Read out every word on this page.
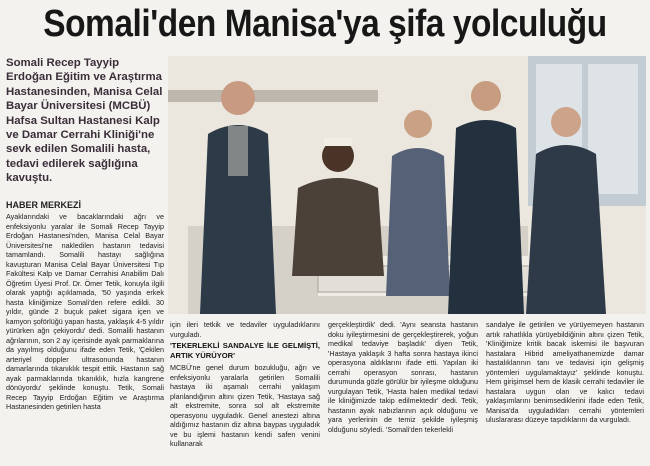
Somali'den Manisa'ya şifa yolculuğu
Somali Recep Tayyip Erdoğan Eğitim ve Araştırma Hastanesinden, Manisa Celal Bayar Üniversitesi (MCBÜ) Hafsa Sultan Hastanesi Kalp ve Damar Cerrahi Kliniği'ne sevk edilen Somalili hasta, tedavi edilerek sağlığına kavuştu.
HABER MERKEZİ

Ayaklarındaki ve bacaklarındaki ağrı ve enfeksiyonlu yaralar ile Somali Recep Tayyip Erdoğan Hastanesi'nden, Manisa Celal Bayar Üniversitesi'ne nakledilen hastanın tedavisi tamamlandı. Somalili hastayı sağlığına kavuşturan Manisa Celal Bayar Üniversitesi Tıp Fakültesi Kalp ve Damar Cerrahisi Anabilim Dalı Öğretim Üyesi Prof. Dr. Ömer Tetik, konuyla ilgili olarak yaptığı açıklamada, '50 yaşında erkek hasta kliniğimize Somali'den refere edildi. 30 yıldır, günde 2 buçuk paket sigara içen ve kamyon şoförlüğü yapan hasta, yaklaşık 4-5 yıldır yürürken ağrı çekiyordu' dedi. Somalili hastanın ağrılarının, son 2 ay içerisinde ayak parmaklarına da yayılmış olduğunu ifade eden Tetik, 'Çekilen arteriyel doppler ultrasonunda hastanın damarlarında tıkanıklık tespit ettik. Hastanın sağ ayak parmaklarında tıkanıklık, hızla kangrene dönüyordu' şeklinde konuştu. Tetik, Somali Recep Tayyip Erdoğan Eğitim ve Araştırma Hastanesinden getirilen hasta

için ileri tetkik ve tedaviler uyguladıklarını vurguladı.

'TEKERLEKLİ SANDALYE İLE GELMİŞTİ, ARTIK YÜRÜYOR'

MCBÜ'ne genel durum bozukluğu, ağrı ve enfeksiyonlu yaralarla getirilen Somalili hastaya iki aşamalı cerrahi yaklaşım planlandığının altını çizen Tetik, 'Hastaya sağ alt ekstremite, sonra sol alt ekstremite operasyonu uyguladık. Genel anestezi altına aldığımız hastanın diz altına baypas uyguladık ve bu işlemi hastanın kendi safen venini kullanarak

gerçekleştirdik' dedi. 'Aynı seansta hastanın doku iyileştirmesini de gerçekleştirerek, yoğun medikal tedaviye başladık' diyen Tetik, 'Hastaya yaklaşık 3 hafta sonra hastaya ikinci operasyona aldıklarını ifade etti. Yapılan iki cerrahi operasyon sonrası, hastanın durumunda gözle görülür bir iyileşme olduğunu vurgulayan Tetik, 'Hasta halen medikal tedavi ile kliniğimizde takip edilmektedir' dedi. Tetik, hastanın ayak nabızlarının açık olduğunu ve yara yerlerinin de temiz şekilde iyileşmiş olduğunu söyledi. 'Somali'den tekerlekli

sandalye ile getirilen ve yürüyemeyen hastanın artık rahatlıkla yürüyebildiğinin altını çizen Tetik, 'Kliniğimize kritik bacak iskemisi ile başvuran hastalara Hibrid ameliyathanemizde damar hastalıklarının tanı ve tedavisi için gelişmiş yöntemleri uygulamaktayız' şeklinde konuştu. Hem girişimsel hem de klasik cerrahi tedaviler ile hastalara uygun olan ve kalıcı tedavi yaklaşımlarını benimsediklerini ifade eden Tetik, Manisa'da uyguladıkları cerrahi yöntemleri uluslararası düzeye taşıdıklarını da vurguladı.
